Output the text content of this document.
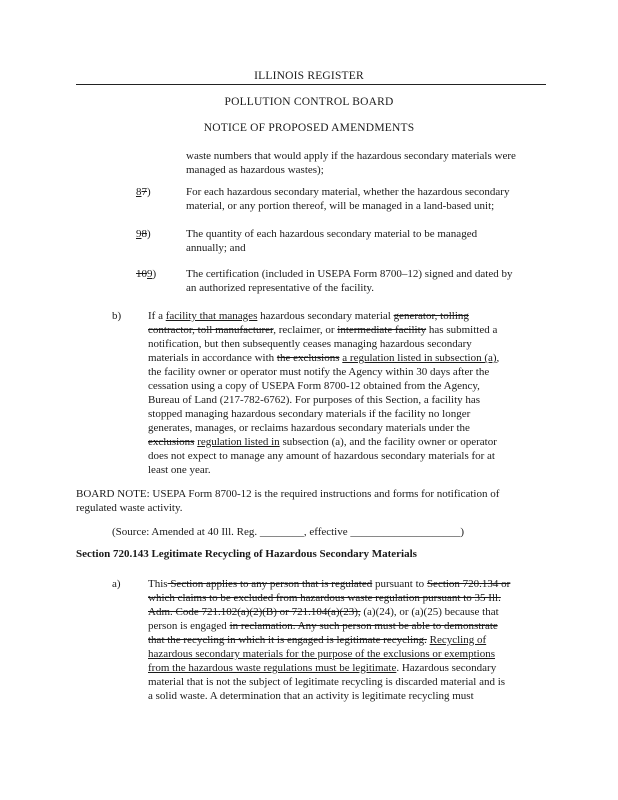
ILLINOIS REGISTER
POLLUTION CONTROL BOARD
NOTICE OF PROPOSED AMENDMENTS

waste numbers that would apply if the hazardous secondary materials were

managed as hazardous wastes);

87)	For each hazardous secondary material, whether the hazardous secondary

material, or any portion thereof, will be managed in a land-based unit;

98)	The quantity of each hazardous secondary material to be managed

annually; and

109)	The certification (included in USEPA Form 8700–12) signed and dated by

an authorized representative of the facility.

b) If a facility that manages hazardous secondary material generator, tolling

contractor, toll manufacturer, reclaimer, or intermediate facility has submitted a

notification, but then subsequently ceases managing hazardous secondary

materials in accordance with the exclusions a regulation listed in subsection (a),

the facility owner or operator must notify the Agency within 30 days after the

cessation using a copy of USEPA Form 8700-12 obtained from the Agency,

Bureau of Land (217-782-6762). For purposes of this Section, a facility has

stopped managing hazardous secondary materials if the facility no longer

generates, manages, or reclaims hazardous secondary materials under the

exclusions regulation listed in subsection (a), and the facility owner or operator

does not expect to manage any amount of hazardous secondary materials for at

least one year.

BOARD NOTE: USEPA Form 8700-12 is the required instructions and forms for notification of

regulated waste activity.

(Source: Amended at 40 Ill. Reg. ________, effective ____________________)

Section 720.143 Legitimate Recycling of Hazardous Secondary Materials
a) This Section applies to any person that is regulated pursuant to Section 720.134 or

which claims to be excluded from hazardous waste regulation pursuant to 35 Ill.

Adm. Code 721.102(a)(2)(B) or 721.104(a)(23), (a)(24), or (a)(25) because that

person is engaged in reclamation. Any such person must be able to demonstrate

that the recycling in which it is engaged is legitimate recycling. Recycling of

hazardous secondary materials for the purpose of the exclusions or exemptions

from the hazardous waste regulations must be legitimate. Hazardous secondary

material that is not the subject of legitimate recycling is discarded material and is

a solid waste. A determination that an activity is legitimate recycling must
